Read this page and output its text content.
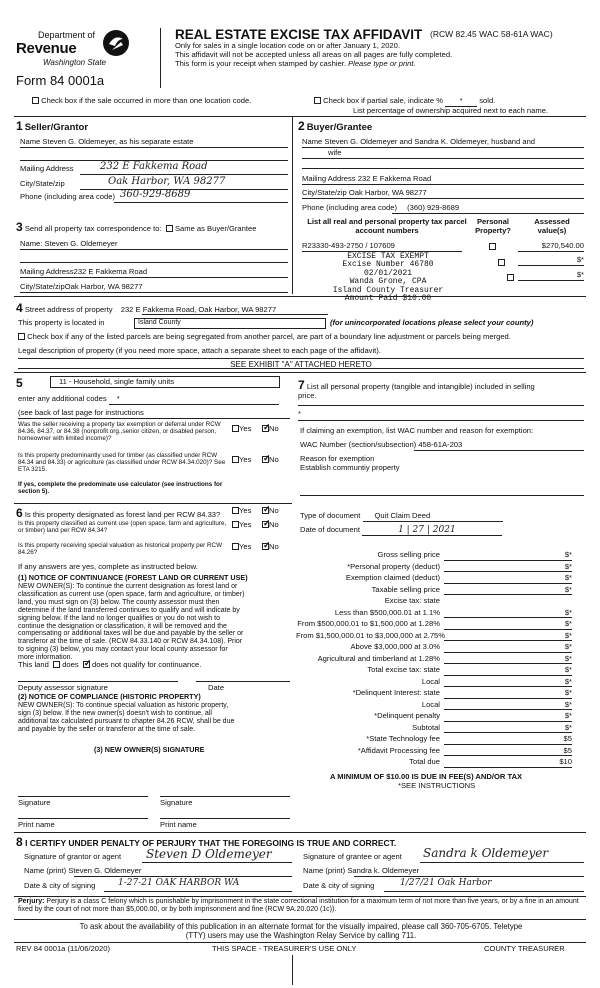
Department of
Revenue
Washington State
Form 84 0001a
REAL ESTATE EXCISE TAX AFFIDAVIT (RCW 82.45 WAC 58-61A WAC)
Only for sales in a single location code on or after January 1, 2020.
This affidavit will not be accepted unless all areas on all pages are fully completed.
This form is your receipt when stamped by cashier. Please type or print.
Check box if the sale occurred in more than one location code.	Check box if partial sale, indicate % * sold.
List percentage of ownership acquired next to each name.
1 Seller/Grantor
Name Steven G. Oldemeyer, as his separate estate
Mailing Address	232 E Fakkema Road
City/State/zip	Oak Harbor, WA 98277
Phone (including area code) 360-929-8689
2 Buyer/Grantee
Name Steven G. Oldemeyer and Sandra K. Oldemeyer, husband and
wife
Mailing Address 232 E Fakkema Road
City/State/zip Oak Harbor, WA 98277
Phone (including area code) (360) 929-8689
3 Send all property tax correspondence to: Same as Buyer/Grantee
Name: Steven G. Oldemeyer
Mailing Address232 E Fakkema Road
City/State/zipOak Harbor, WA 98277
List all real and personal property tax parcel account numbers
Personal Property?
Assessed value(s)
R23330-493-2750 / 107609
	$270,540.00

$*
$*
EXCISE TAX EXEMPT
Excise Number 46780
02/01/2021
Wanda Grone, CPA
Island County Treasurer
Amount Paid $10.00
4 Street address of property 232 E Fakkema Road, Oak Harbor, WA 98277
This property is located in	Island County	(for unincorporated locations please select your county)
Check box if any of the listed parcels are being segregated from another parcel, are part of a boundary line adjustment or parcels being merged.
Legal description of property (if you need more space, attach a separate sheet to each page of the affidavit).
SEE EXHIBIT "A" ATTACHED HERETO
5	11 - Household, single family units
enter any additional codes *
(see back of last page for instructions
Was the seller receiving a property tax exemption or deferral under RCW 84.36, 84.37, or 84.38 (nonprofit org.,senior citizen, or disabled person, homeowner with limited income)?
Yes ✓	No
Is this property predominantly used for timber (as classified under RCW 84.34 and 84.33) or agriculture (as classified under RCW 84.34.020)? See ETA 3215.
Yes ✓	No
If yes, complete the predominate use calculator (see instructions for section 5).
7 List all personal property (tangible and intangible) included in selling
price.
*
If claiming an exemption, list WAC number and reason for exemption:
WAC Number (section/subsection) 458-61A-203
Reason for exemption
Establish communtiy property
Type of document Quit Claim Deed
Date of document	1 | 27 | 2021
Gross selling price	$*
*Personal property (deduct)	$*
Exemption claimed (deduct)	$*
Taxable selling price	$*
Excise tax: state
Less than $500,000.01 at 1.1%	$*
From $500,000.01 to $1,500,000 at 1.28%	$*
From $1,500,000.01 to $3,000,000 at 2.75%	$*
Above $3,000,000 at 3.0%	$*
Agricultural and timberland at 1.28%	$*
Total excise tax: state	$*
Local	$*
*Delinquent Interest: state	$*
Local	$*
*Delinquent penalty	$*
Subtotal	$*
*State Technology fee	$5
*Affidavit Processing fee	$5
Total due	$10
A MINIMUM OF $10.00 IS DUE IN FEE(S) AND/OR TAX
*SEE INSTRUCTIONS
6 Is this property designated as forest land per RCW 84.33?	Yes ✓	No
Is this property classified as current use (open space, farm and agriculture, or timber) land per RCW 84.34?
Yes ✓	No
Is this property receiving special valuation as historical property per RCW 84.26?
Yes ✓	No
If any answers are yes, complete as instructed below.
(1) NOTICE OF CONTINUANCE (FOREST LAND OR CURRENT USE)
NEW OWNER(S): To continue the current designation as forest land or
classification as current use (open space, farm and agriculture, or timber)
land, you must sign on (3) below. The county assessor must then
determine if the land transferred continues to qualify and will indicate by
signing below. If the land no longer qualifies or you do not wish to
continue the designation or classification, it will be removed and the
compensating or additional taxes will be due and payable by the seller or
transferor at the time of sale. (RCW 84.33.140 or RCW 84.34.108). Prior
to signing (3) below, you may contact your local county assessor for
more information.
This land does ✓ does not qualify for continuance.
Deputy assessor signature	Date
(2) NOTICE OF COMPLIANCE (HISTORIC PROPERTY)
NEW OWNER(S): To continue special valuation as historic property,
sign (3) below. If the new owner(s) doesn't wish to continue, all
additional tax calculated pursuant to chapter 84.26 RCW, shall be due
and payable by the seller or transferor at the time of sale.
(3) NEW OWNER(S) SIGNATURE
Signature	Signature
Print name	Print name
8 I CERTIFY UNDER PENALTY OF PERJURY THAT THE FOREGOING IS TRUE AND CORRECT.
Signature of grantor or agent Steven D Oldemeyer	Signature of grantee or agent Sandra k Oldemeyer
Name (print) Steven G. Oldemeyer	Name (print) Sandra k. Oldemeyer
Date & city of signing	1-27-21 OAK HARBOR WA	Date & city of signing	1/27/21 Oak Harbor
Perjury: Perjury is a class C felony which is punishable by imprisonment in the state correctional institution for a maximum term of not more than five years, or by a fine in an amount fixed by the court of not more than $5,000.00, or by both imprisonment and fine (RCW 9A.20.020 (1c)).
To ask about the availability of this publication in an alternate format for the visually impaired, please call 360-705-6705. Teletype
(TTY) users may use the Washington Relay Service by calling 711.
REV 84 0001a (11/06/2020)	THIS SPACE - TREASURER'S USE ONLY	COUNTY TREASURER
